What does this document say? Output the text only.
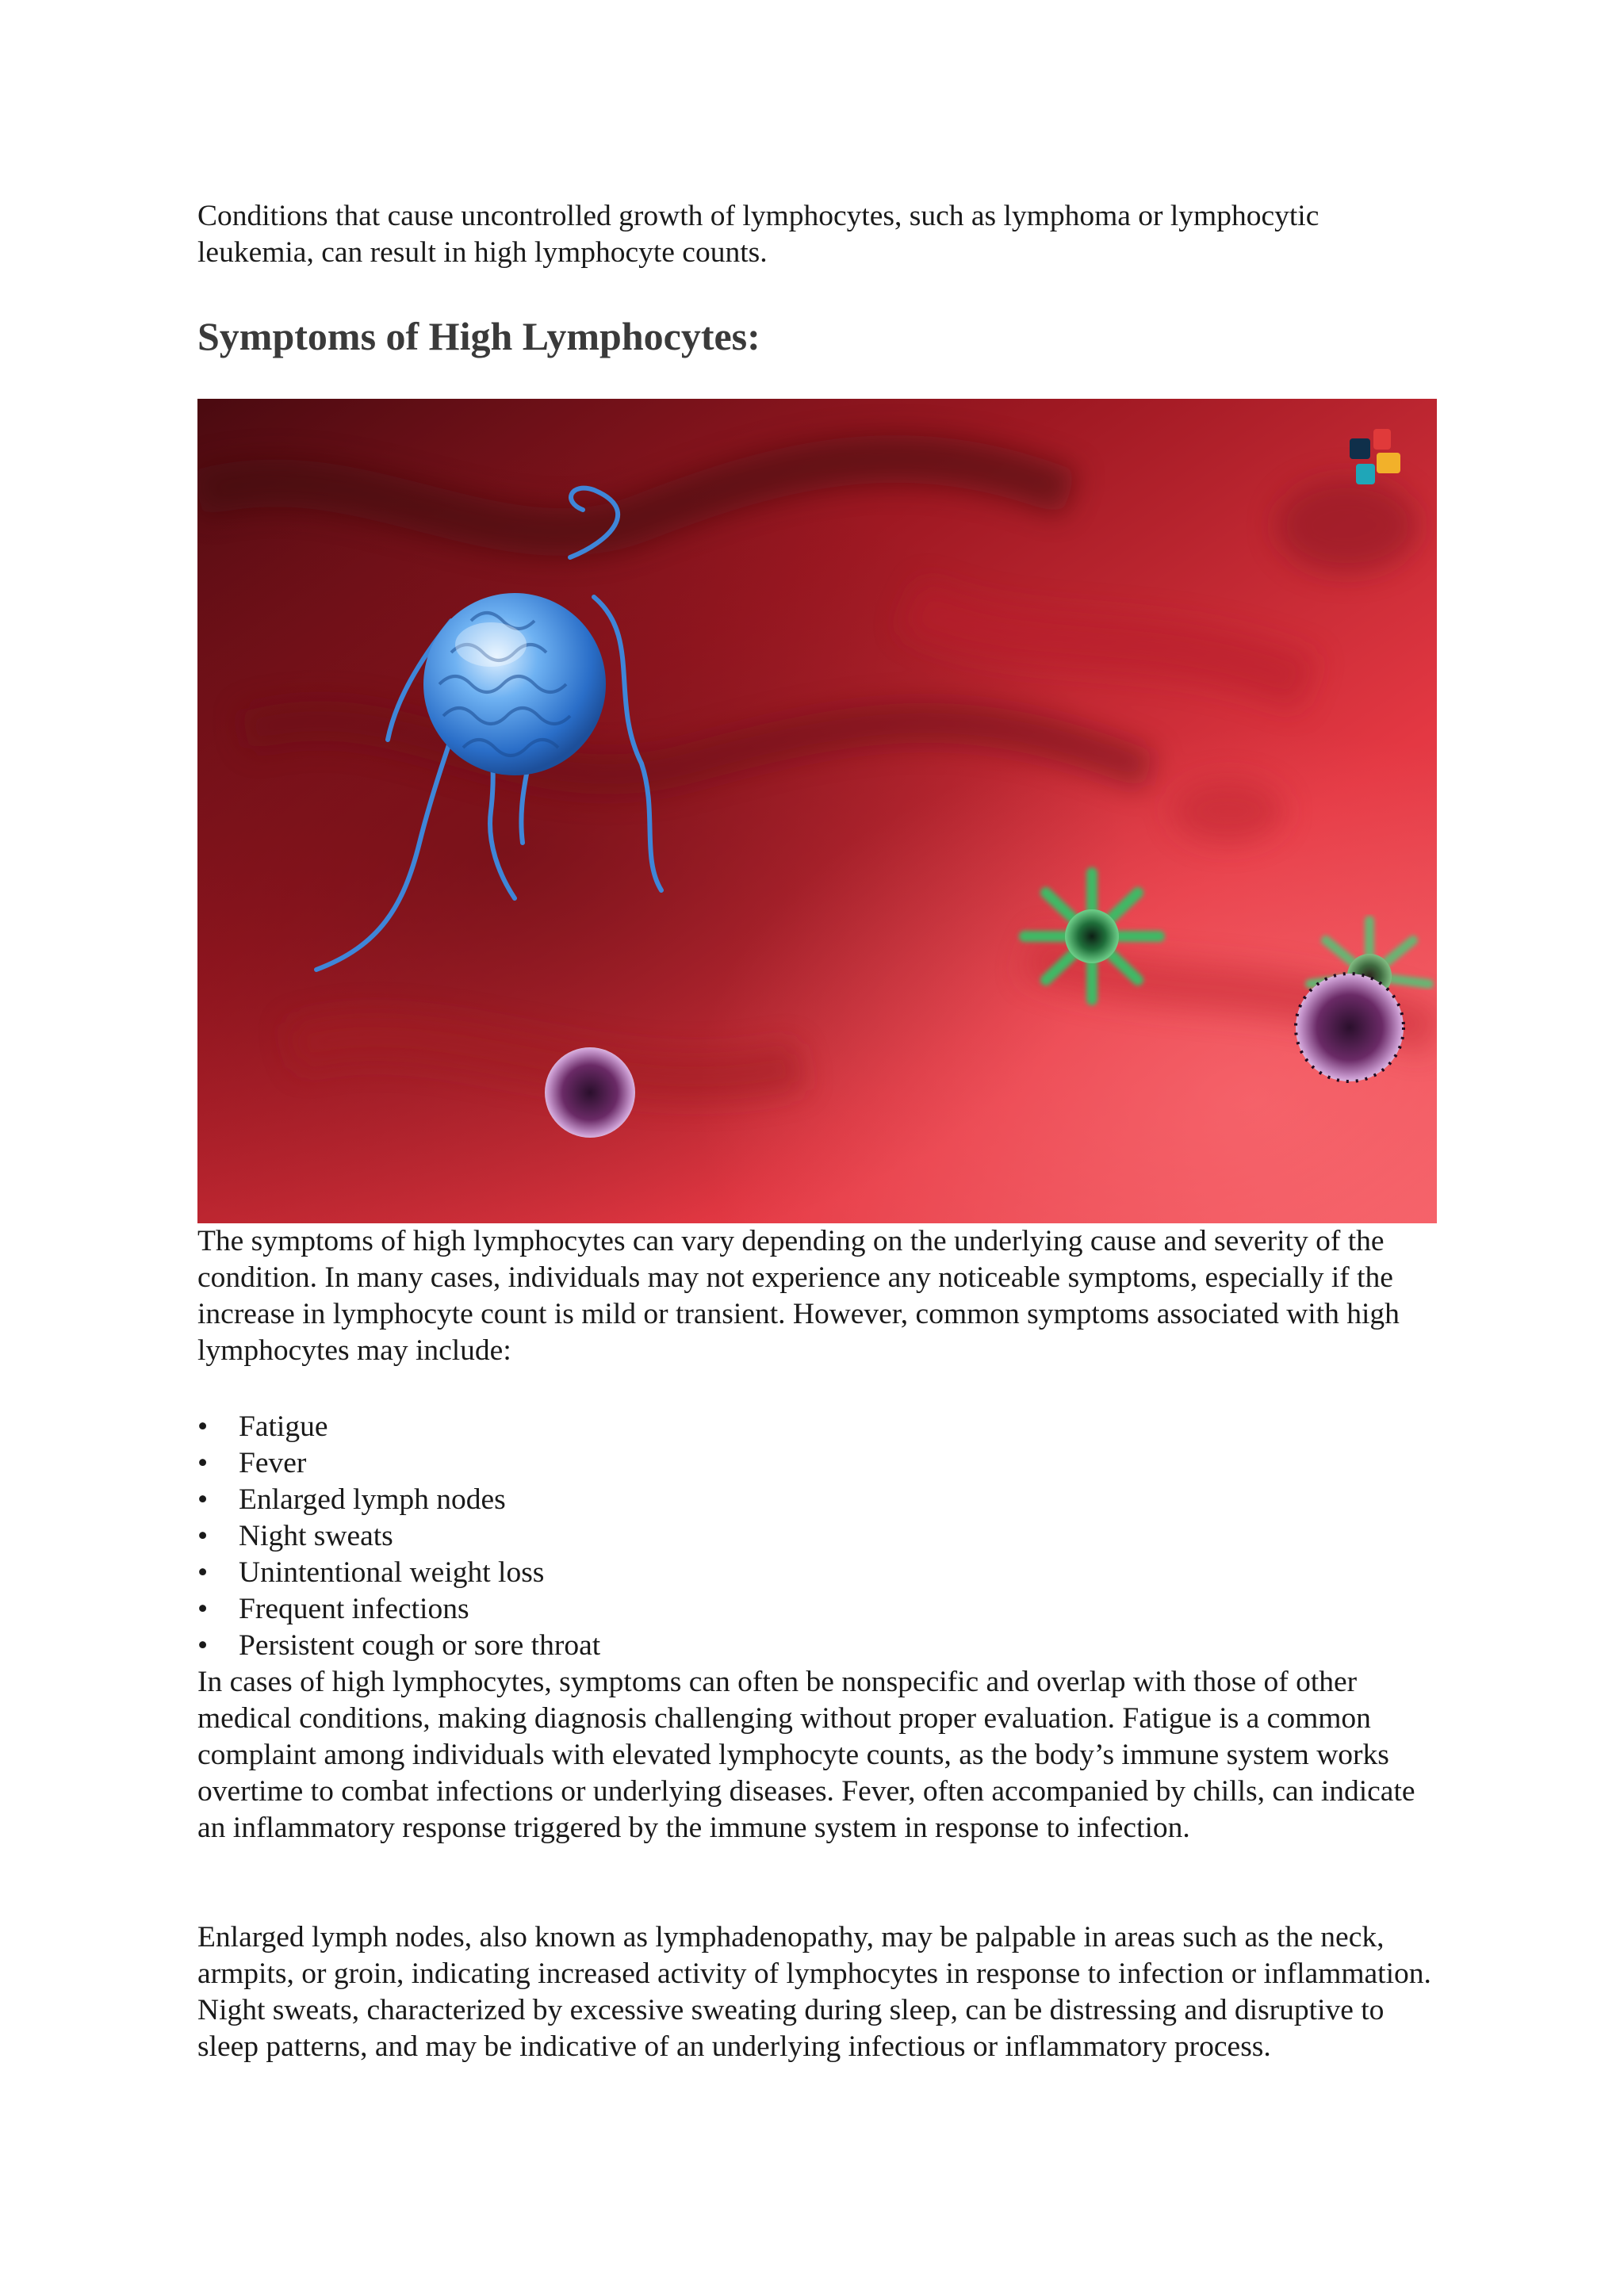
Conditions that cause uncontrolled growth of lymphocytes, such as lymphoma or lymphocytic leukemia, can result in high lymphocyte counts.

Symptoms of High Lymphocytes:

The symptoms of high lymphocytes can vary depending on the underlying cause and severity of the condition. In many cases, individuals may not experience any noticeable symptoms, especially if the increase in lymphocyte count is mild or transient. However, common symptoms associated with high lymphocytes may include:

• Fatigue
• Fever
• Enlarged lymph nodes
• Night sweats
• Unintentional weight loss
• Frequent infections
• Persistent cough or sore throat

In cases of high lymphocytes, symptoms can often be nonspecific and overlap with those of other medical conditions, making diagnosis challenging without proper evaluation. Fatigue is a common complaint among individuals with elevated lymphocyte counts, as the body’s immune system works overtime to combat infections or underlying diseases. Fever, often accompanied by chills, can indicate an inflammatory response triggered by the immune system in response to infection.

Enlarged lymph nodes, also known as lymphadenopathy, may be palpable in areas such as the neck, armpits, or groin, indicating increased activity of lymphocytes in response to infection or inflammation. Night sweats, characterized by excessive sweating during sleep, can be distressing and disruptive to sleep patterns, and may be indicative of an underlying infectious or inflammatory process.
